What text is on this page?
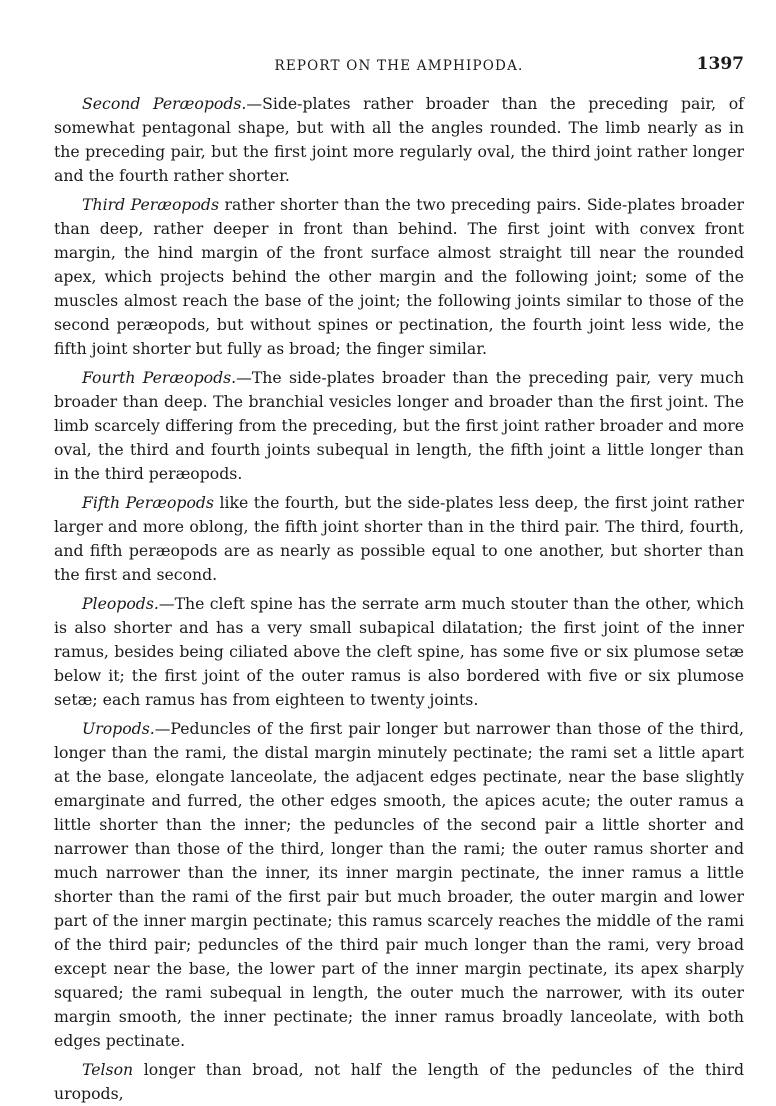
REPORT ON THE AMPHIPODA.	1397

Second Peræopods.—Side-plates rather broader than the preceding pair, of somewhat pentagonal shape, but with all the angles rounded. The limb nearly as in the preceding pair, but the first joint more regularly oval, the third joint rather longer and the fourth rather shorter.

Third Peræopods rather shorter than the two preceding pairs. Side-plates broader than deep, rather deeper in front than behind. The first joint with convex front margin, the hind margin of the front surface almost straight till near the rounded apex, which projects behind the other margin and the following joint; some of the muscles almost reach the base of the joint; the following joints similar to those of the second peræopods, but without spines or pectination, the fourth joint less wide, the fifth joint shorter but fully as broad; the finger similar.

Fourth Peræopods.—The side-plates broader than the preceding pair, very much broader than deep. The branchial vesicles longer and broader than the first joint. The limb scarcely differing from the preceding, but the first joint rather broader and more oval, the third and fourth joints subequal in length, the fifth joint a little longer than in the third peræopods.

Fifth Peræopods like the fourth, but the side-plates less deep, the first joint rather larger and more oblong, the fifth joint shorter than in the third pair. The third, fourth, and fifth peræopods are as nearly as possible equal to one another, but shorter than the first and second.

Pleopods.—The cleft spine has the serrate arm much stouter than the other, which is also shorter and has a very small subapical dilatation; the first joint of the inner ramus, besides being ciliated above the cleft spine, has some five or six plumose setæ below it; the first joint of the outer ramus is also bordered with five or six plumose setæ; each ramus has from eighteen to twenty joints.

Uropods.—Peduncles of the first pair longer but narrower than those of the third, longer than the rami, the distal margin minutely pectinate; the rami set a little apart at the base, elongate lanceolate, the adjacent edges pectinate, near the base slightly emarginate and furred, the other edges smooth, the apices acute; the outer ramus a little shorter than the inner; the peduncles of the second pair a little shorter and narrower than those of the third, longer than the rami; the outer ramus shorter and much narrower than the inner, its inner margin pectinate, the inner ramus a little shorter than the rami of the first pair but much broader, the outer margin and lower part of the inner margin pectinate; this ramus scarcely reaches the middle of the rami of the third pair; peduncles of the third pair much longer than the rami, very broad except near the base, the lower part of the inner margin pectinate, its apex sharply squared; the rami subequal in length, the outer much the narrower, with its outer margin smooth, the inner pectinate; the inner ramus broadly lanceolate, with both edges pectinate.

Telson longer than broad, not half the length of the peduncles of the third uropods,
